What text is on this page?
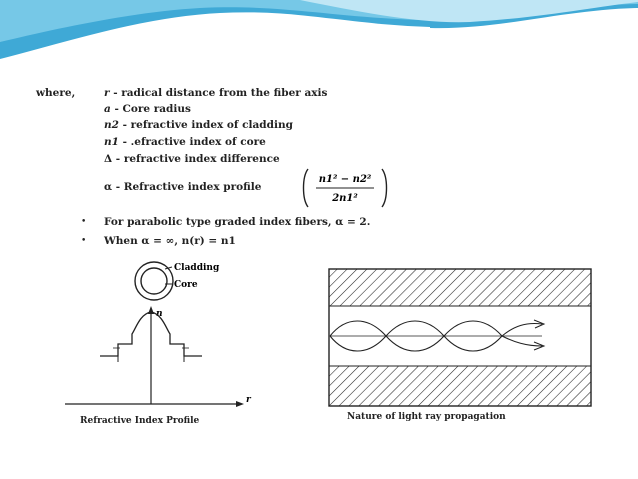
where,	r - radical distance from the fiber axis
a - Core radius
n2 - refractive index of cladding
n1 - .efractive index of core
Δ - refractive index difference
α - Refractive index profile
n1² − n2²
2n1²
• For parabolic type graded index fibers, α = 2.
• When α = ∞, n(r) = n1
Cladding
Core
n
r
Refractive Index Profile	Nature of light ray propagation
